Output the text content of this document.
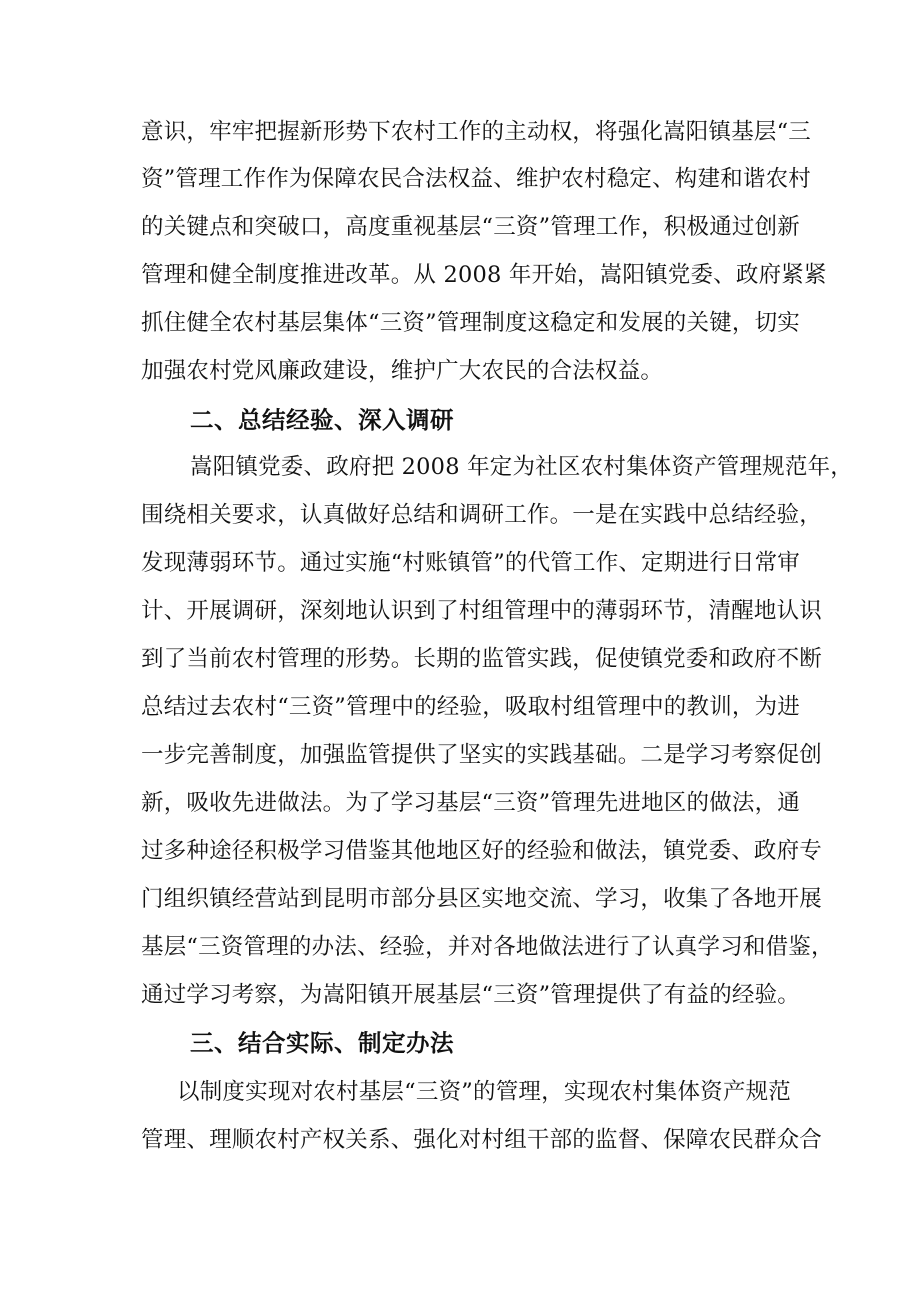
意识，牢牢把握新形势下农村工作的主动权，将强化嵩阳镇基层“三
资”管理工作作为保障农民合法权益、维护农村稳定、构建和谐农村
的关键点和突破口，高度重视基层“三资”管理工作，积极通过创新
管理和健全制度推进改革。从 2008 年开始，嵩阳镇党委、政府紧紧
抓住健全农村基层集体“三资”管理制度这稳定和发展的关键，切实
加强农村党风廉政建设，维护广大农民的合法权益。
二、总结经验、深入调研
嵩阳镇党委、政府把 2008 年定为社区农村集体资产管理规范年，
围绕相关要求，认真做好总结和调研工作。一是在实践中总结经验，
发现薄弱环节。通过实施“村账镇管”的代管工作、定期进行日常审
计、开展调研，深刻地认识到了村组管理中的薄弱环节，清醒地认识
到了当前农村管理的形势。长期的监管实践，促使镇党委和政府不断
总结过去农村“三资”管理中的经验，吸取村组管理中的教训，为进
一步完善制度，加强监管提供了坚实的实践基础。二是学习考察促创
新，吸收先进做法。为了学习基层“三资”管理先进地区的做法，通
过多种途径积极学习借鉴其他地区好的经验和做法，镇党委、政府专
门组织镇经营站到昆明市部分县区实地交流、学习，收集了各地开展
基层“三资管理的办法、经验，并对各地做法进行了认真学习和借鉴，
通过学习考察，为嵩阳镇开展基层“三资”管理提供了有益的经验。
三、结合实际、制定办法
以制度实现对农村基层“三资”的管理，实现农村集体资产规范
管理、理顺农村产权关系、强化对村组干部的监督、保障农民群众合
